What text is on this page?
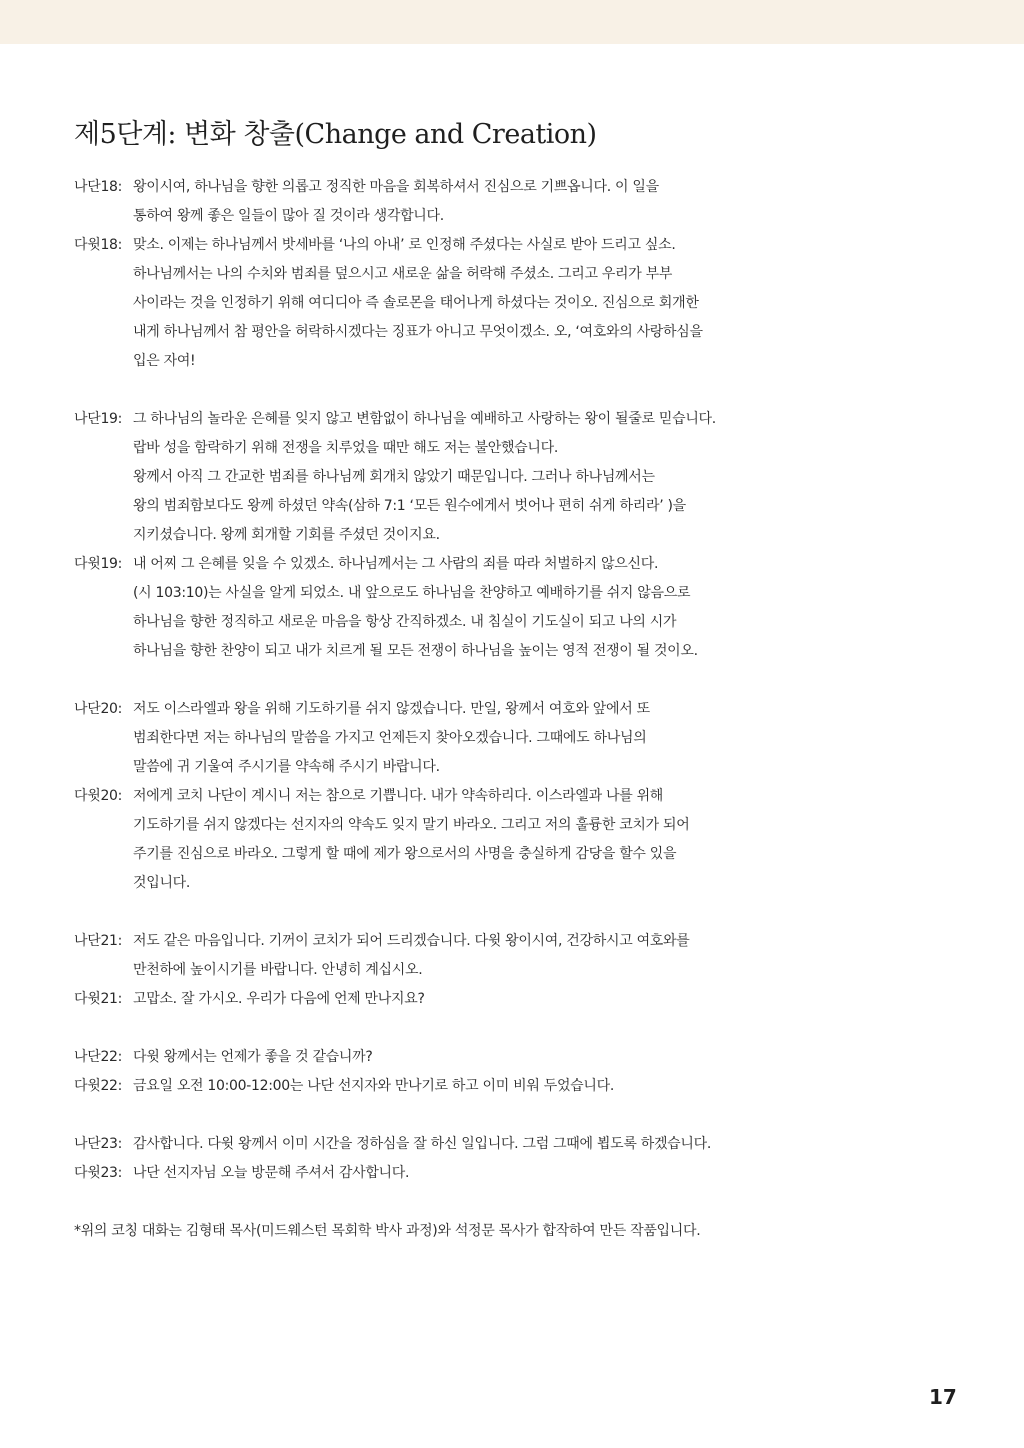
제5단계: 변화 창출(Change and Creation)
나단18: 왕이시여, 하나님을 향한 의롭고 정직한 마음을 회복하셔서 진심으로 기쁘옵니다. 이 일을
통하여 왕께 좋은 일들이 많아 질 것이라 생각합니다.
다윗18: 맞소. 이제는 하나님께서 밧세바를 ‘나의 아내’ 로 인정해 주셨다는 사실로 받아 드리고 싶소.
하나님께서는 나의 수치와 범죄를 덮으시고 새로운 삶을 허락해 주셨소. 그리고 우리가 부부
사이라는 것을 인정하기 위해 여디디아 즉 솔로몬을 태어나게 하셨다는 것이오. 진심으로 회개한
내게 하나님께서 참 평안을 허락하시겠다는 징표가 아니고 무엇이겠소. 오, ‘여호와의 사랑하심을
입은 자여!
나단19: 그 하나님의 놀라운 은혜를 잊지 않고 변함없이 하나님을 예배하고 사랑하는 왕이 될줄로 믿습니다.
랍바 성을 함락하기 위해 전쟁을 치루었을 때만 해도 저는 불안했습니다.
왕께서 아직 그 간교한 범죄를 하나님께 회개치 않았기 때문입니다. 그러나 하나님께서는
왕의 범죄함보다도 왕께 하셨던 약속(삼하 7:1 ‘모든 원수에게서 벗어나 편히 쉬게 하리라’ )을
지키셨습니다. 왕께 회개할 기회를 주셨던 것이지요.
다윗19: 내 어찌 그 은혜를 잊을 수 있겠소. 하나님께서는 그 사람의 죄를 따라 처벌하지 않으신다.
(시 103:10)는 사실을 알게 되었소. 내 앞으로도 하나님을 찬양하고 예배하기를 쉬지 않음으로
하나님을 향한 정직하고 새로운 마음을 항상 간직하겠소. 내 침실이 기도실이 되고 나의 시가
하나님을 향한 찬양이 되고 내가 치르게 될 모든 전쟁이 하나님을 높이는 영적 전쟁이 될 것이오.
나단20: 저도 이스라엘과 왕을 위해 기도하기를 쉬지 않겠습니다. 만일, 왕께서 여호와 앞에서 또
범죄한다면 저는 하나님의 말씀을 가지고 언제든지 찾아오겠습니다. 그때에도 하나님의
말씀에 귀 기울여 주시기를 약속해 주시기 바랍니다.
다윗20: 저에게 코치 나단이 계시니 저는 참으로 기쁩니다. 내가 약속하리다. 이스라엘과 나를 위해
기도하기를 쉬지 않겠다는 선지자의 약속도 잊지 말기 바라오. 그리고 저의 훌륭한 코치가 되어
주기를 진심으로 바라오. 그렇게 할 때에 제가 왕으로서의 사명을 충실하게 감당을 할수 있을
것입니다.
나단21: 저도 같은 마음입니다. 기꺼이 코치가 되어 드리겠습니다. 다윗 왕이시여, 건강하시고 여호와를
만천하에 높이시기를 바랍니다. 안녕히 계십시오.
다윗21: 고맙소. 잘 가시오. 우리가 다음에 언제 만나지요?
나단22: 다윗 왕께서는 언제가 좋을 것 같습니까?
다윗22: 금요일 오전 10:00-12:00는 나단 선지자와 만나기로 하고 이미 비워 두었습니다.
나단23: 감사합니다. 다윗 왕께서 이미 시간을 정하심을 잘 하신 일입니다. 그럼 그때에 뵙도록 하겠습니다.
다윗23: 나단 선지자님 오늘 방문해 주셔서 감사합니다.
*위의 코칭 대화는 김형태 목사(미드웨스턴 목회학 박사 과정)와 석정문 목사가 합작하여 만든 작품입니다.
17
